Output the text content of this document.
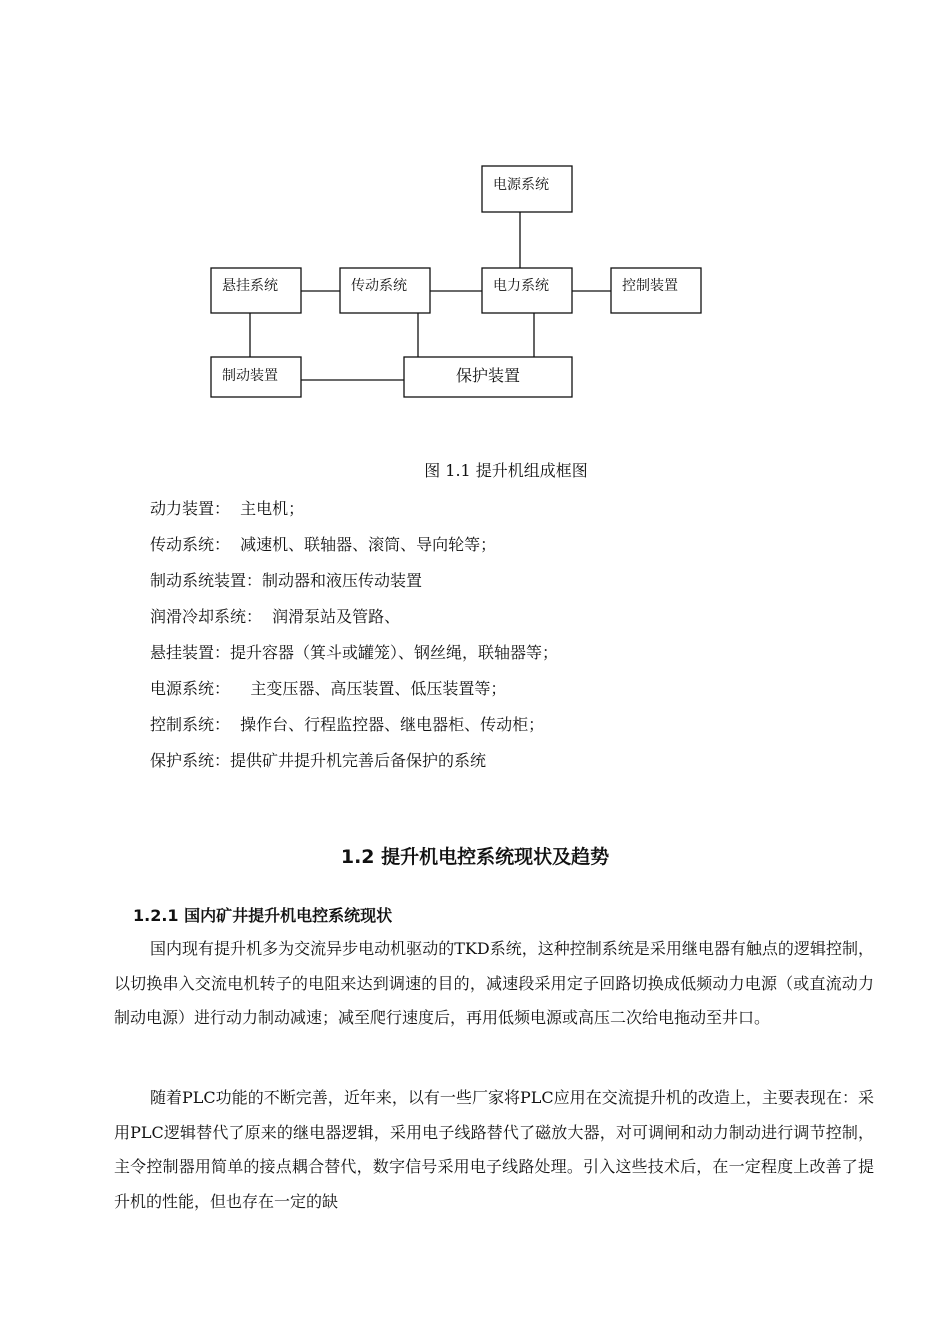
电源系统
悬挂系统	传动系统	电力系统	控制装置
制动装置	保护装置
图 1.1 提升机组成框图
动力装置：  主电机；
传动系统：  减速机、联轴器、滚筒、导向轮等；
制动系统装置：制动器和液压传动装置
润滑冷却系统：  润滑泵站及管路、
悬挂装置：提升容器（箕斗或罐笼）、钢丝绳，联轴器等；
电源系统：    主变压器、高压装置、低压装置等；
控制系统：  操作台、行程监控器、继电器柜、传动柜；
保护系统：提供矿井提升机完善后备保护的系统
1.2 提升机电控系统现状及趋势
1.2.1 国内矿井提升机电控系统现状
国内现有提升机多为交流异步电动机驱动的TKD系统，这种控制系统是采用继电器有触点的逻辑控制，以切换串入交流电机转子的电阻来达到调速的目的，减速段采用定子回路切换成低频动力电源（或直流动力制动电源）进行动力制动减速；减至爬行速度后，再用低频电源或高压二次给电拖动至井口。
随着PLC功能的不断完善，近年来，以有一些厂家将PLC应用在交流提升机的改造上，主要表现在：采用PLC逻辑替代了原来的继电器逻辑，采用电子线路替代了磁放大器，对可调闸和动力制动进行调节控制，主令控制器用简单的接点耦合替代，数字信号采用电子线路处理。引入这些技术后，在一定程度上改善了提升机的性能，但也存在一定的缺
